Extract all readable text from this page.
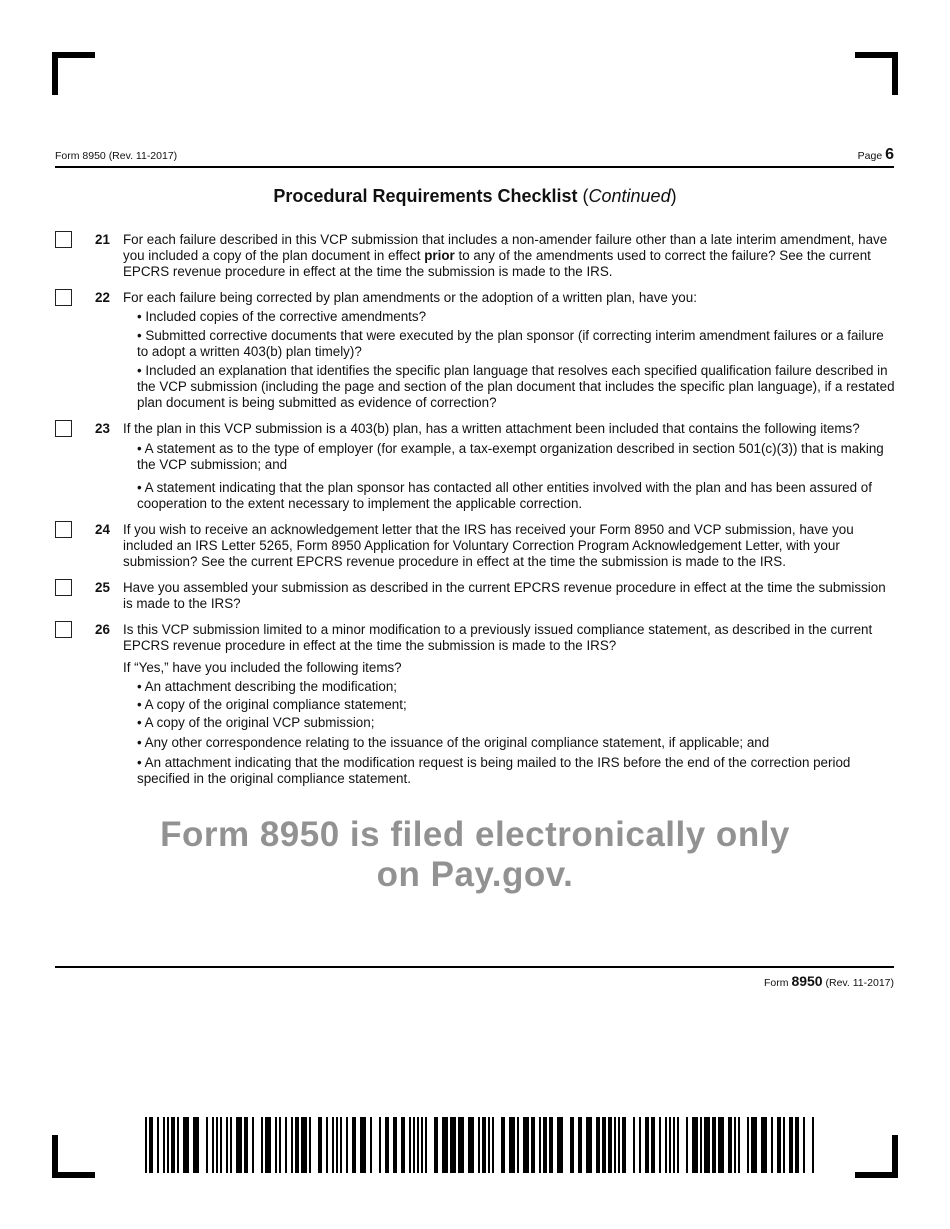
Form 8950 (Rev. 11-2017)	Page 6
Procedural Requirements Checklist (Continued)
21 For each failure described in this VCP submission that includes a non-amender failure other than a late interim amendment, have you included a copy of the plan document in effect prior to any of the amendments used to correct the failure? See the current EPCRS revenue procedure in effect at the time the submission is made to the IRS.
22 For each failure being corrected by plan amendments or the adoption of a written plan, have you:
• Included copies of the corrective amendments?
• Submitted corrective documents that were executed by the plan sponsor (if correcting interim amendment failures or a failure to adopt a written 403(b) plan timely)?
• Included an explanation that identifies the specific plan language that resolves each specified qualification failure described in the VCP submission (including the page and section of the plan document that includes the specific plan language), if a restated plan document is being submitted as evidence of correction?
23 If the plan in this VCP submission is a 403(b) plan, has a written attachment been included that contains the following items?
• A statement as to the type of employer (for example, a tax-exempt organization described in section 501(c)(3)) that is making the VCP submission; and
• A statement indicating that the plan sponsor has contacted all other entities involved with the plan and has been assured of cooperation to the extent necessary to implement the applicable correction.
24 If you wish to receive an acknowledgement letter that the IRS has received your Form 8950 and VCP submission, have you included an IRS Letter 5265, Form 8950 Application for Voluntary Correction Program Acknowledgement Letter, with your submission? See the current EPCRS revenue procedure in effect at the time the submission is made to the IRS.
25 Have you assembled your submission as described in the current EPCRS revenue procedure in effect at the time the submission is made to the IRS?
26 Is this VCP submission limited to a minor modification to a previously issued compliance statement, as described in the current EPCRS revenue procedure in effect at the time the submission is made to the IRS?
If “Yes,” have you included the following items?
• An attachment describing the modification;
• A copy of the original compliance statement;
• A copy of the original VCP submission;
• Any other correspondence relating to the issuance of the original compliance statement, if applicable; and
• An attachment indicating that the modification request is being mailed to the IRS before the end of the correction period specified in the original compliance statement.
Form 8950 is filed electronically only on Pay.gov.
Form 8950 (Rev. 11-2017)
